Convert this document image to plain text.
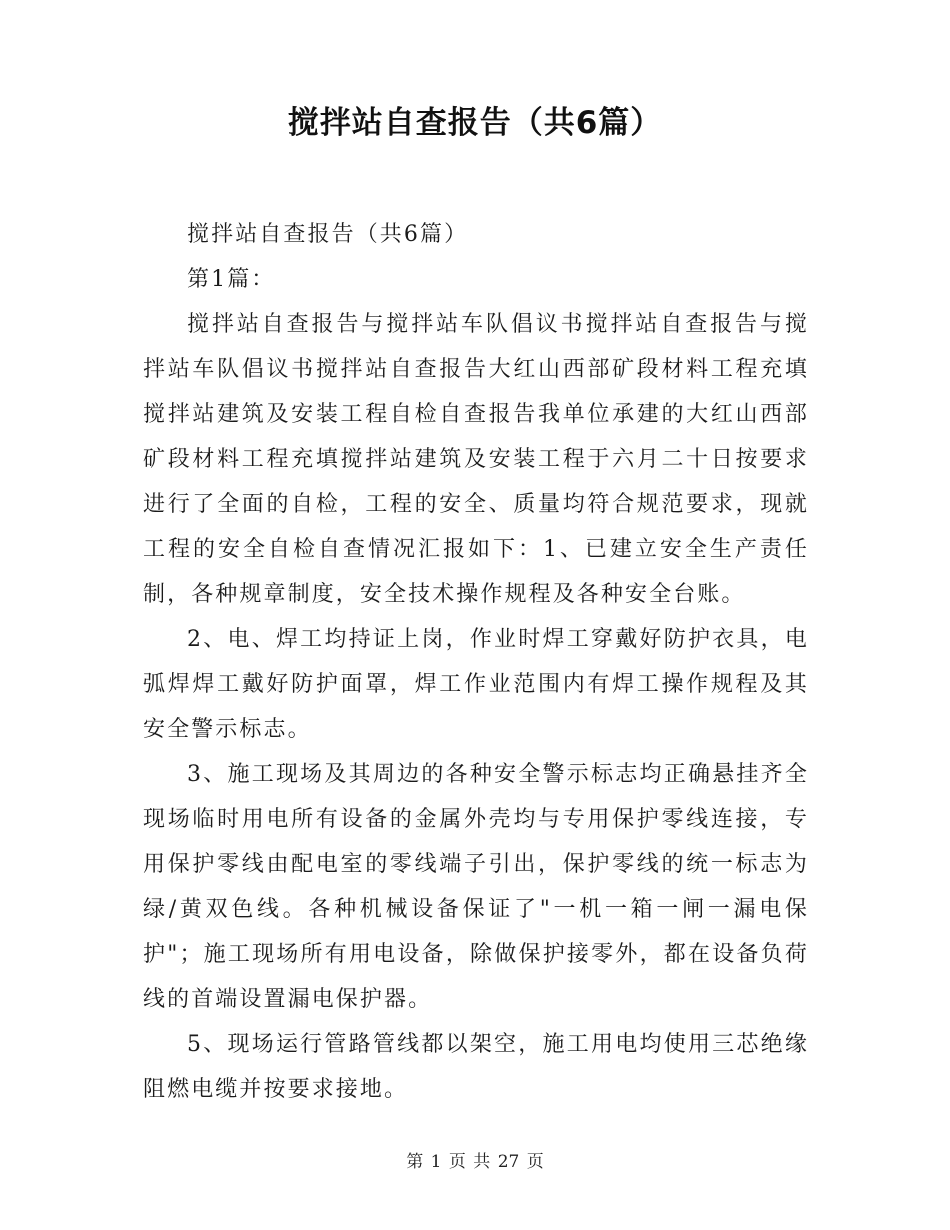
搅拌站自查报告（共6篇）

搅拌站自查报告（共6篇）

第1篇：

搅拌站自查报告与搅拌站车队倡议书搅拌站自查报告与搅拌站车队倡议书搅拌站自查报告大红山西部矿段材料工程充填搅拌站建筑及安装工程自检自查报告我单位承建的大红山西部矿段材料工程充填搅拌站建筑及安装工程于六月二十日按要求进行了全面的自检，工程的安全、质量均符合规范要求，现就工程的安全自检自查情况汇报如下：1、已建立安全生产责任制，各种规章制度，安全技术操作规程及各种安全台账。

2、电、焊工均持证上岗，作业时焊工穿戴好防护衣具，电弧焊焊工戴好防护面罩，焊工作业范围内有焊工操作规程及其安全警示标志。

3、施工现场及其周边的各种安全警示标志均正确悬挂齐全现场临时用电所有设备的金属外壳均与专用保护零线连接，专用保护零线由配电室的零线端子引出，保护零线的统一标志为绿/黄双色线。各种机械设备保证了"一机一箱一闸一漏电保护"；施工现场所有用电设备，除做保护接零外，都在设备负荷线的首端设置漏电保护器。

5、现场运行管路管线都以架空，施工用电均使用三芯绝缘阻燃电缆并按要求接地。

第 1 页 共 27 页
